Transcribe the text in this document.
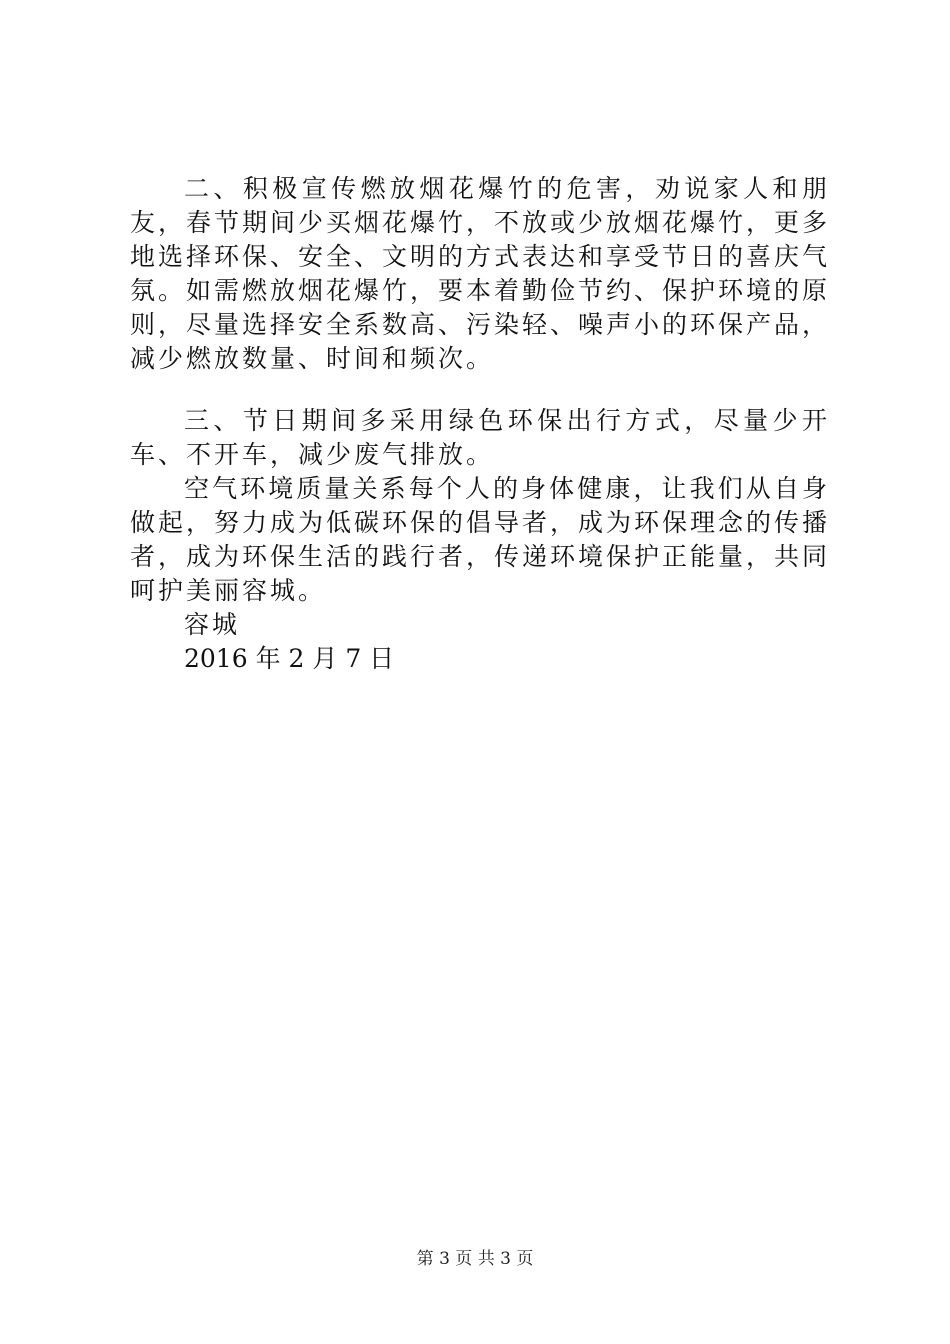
二、积极宣传燃放烟花爆竹的危害，劝说家人和朋友，春节期间少买烟花爆竹，不放或少放烟花爆竹，更多地选择环保、安全、文明的方式表达和享受节日的喜庆气氛。如需燃放烟花爆竹，要本着勤俭节约、保护环境的原则，尽量选择安全系数高、污染轻、噪声小的环保产品，减少燃放数量、时间和频次。

三、节日期间多采用绿色环保出行方式，尽量少开车、不开车，减少废气排放。

空气环境质量关系每个人的身体健康，让我们从自身做起，努力成为低碳环保的倡导者，成为环保理念的传播者，成为环保生活的践行者，传递环境保护正能量，共同呵护美丽容城。

容城

2016 年 2 月 7 日

第 3 页 共 3 页
